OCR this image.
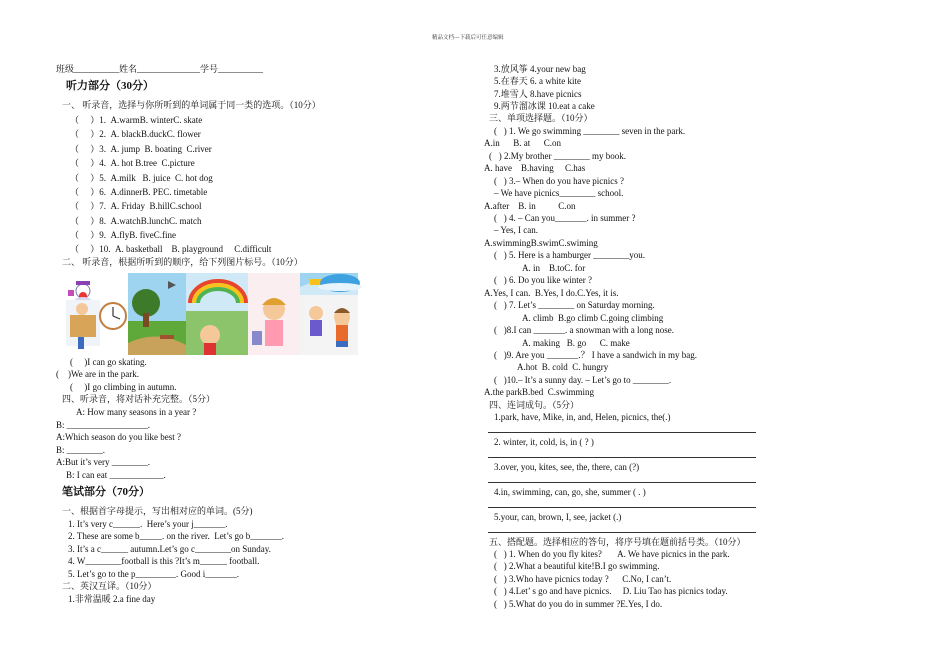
精品文档---下载后可任意编辑
班级__________姓名______________学号__________
听力部分（30分）
一、 听录音，选择与你所听到的单词属于同一类的选项。（10分）
（　 ）1.  A.warmB. winterC. skate
（　 ）2.  A. blackB.duckC. flower
（　 ）3.  A. jump  B. boating  C.river
（　 ）4.  A. hot B.tree  C.picture
（　 ）5.  A.milk   B. juice  C. hot dog
（　 ）6.  A.dinnerB. PEC. timetable
（　 ）7.  A. Friday  B.hillC.school
（　 ）8.  A.watchB.lunchC. match
（　 ）9.  A.flyB. fiveC.fine
（　 ）10.  A. basketball    B. playground     C.difficult
二、 听录音，根据所听到的顺序，给下列图片标号。（10分）
(　 )I can go skating.
(　)We are in the park.
(　 )I go climbing in autumn.
四、听录音，将对话补充完整。（5分）
A: How many seasons in a year ?
B: __________________.
A:Which season do you like best ?
B: ________.
A:But it’s very ________.
B: I can eat ____________.
笔试部分（70分）
一、根据首字母提示，写出相对应的单词。(5分)
1. It’s very c______.  Here’s your j_______.
2. These are some b_____. on the river.  Let’s go b_______.
3. It’s a c______ autumn.Let’s go c________on Sunday.
4. W________football is this ?It’s m______ football.
5. Let’s go to the p_________. Good i_______.
二、英汉互译。（10分）
1.非常温暖 2.a fine day
3.放风筝 4.your new bag
5.在春天 6. a white kite
7.堆雪人 8.have picnics
9.两节溜冰课 10.eat a cake
三、单项选择题。（10分）
(   ) 1. We go swimming ________ seven in the park.
A.in      B. at      C.on
(   ) 2.My brother ________ my book.
A. have    B.having     C.has
(   ) 3.– When do you have picnics ?
– We have picnics________ school.
A.after    B. in          C.on
(   ) 4. – Can you_______. in summer ?
– Yes, I can.
A.swimmingB.swimC.swiming
(   ) 5. Here is a hamburger ________you.
A. in    B.toC. for
(   ) 6. Do you like winter ?
A.Yes, I can.  B.Yes, I do.C.Yes, it is.
(   ) 7. Let’s ________ on Saturday morning.
A. climb  B.go climb C.going climbing
(   )8.I can _______. a snowman with a long nose.
A. making   B. go      C. make
(   )9. Are you _______.？ I have a sandwich in my bag.
A.hot  B. cold  C. hungry
(   )10.– It’s a sunny day. – Let’s go to ________.
A.the parkB.bed  C.swimming
四、连词成句。（5分）
1.park, have, Mike, in, and, Helen, picnics, the(.)
2. winter, it, cold, is, in ( ? )
3.over, you, kites, see, the, there, can (?)
4.in, swimming, can, go, she, summer ( . )
5.your, can, brown, I, see, jacket (.)
五、搭配题。选择相应的答句，将序号填在题前括号类。（10分）
(   ) 1. When do you fly kites?       A. We have picnics in the park.
(   ) 2.What a beautiful kite!B.I go swimming.
(   ) 3.Who have picnics today ?      C.No, I can’t.
(   ) 4.Let’ s go and have picnics.     D. Liu Tao has picnics today.
(   ) 5.What do you do in summer ?E.Yes, I do.
